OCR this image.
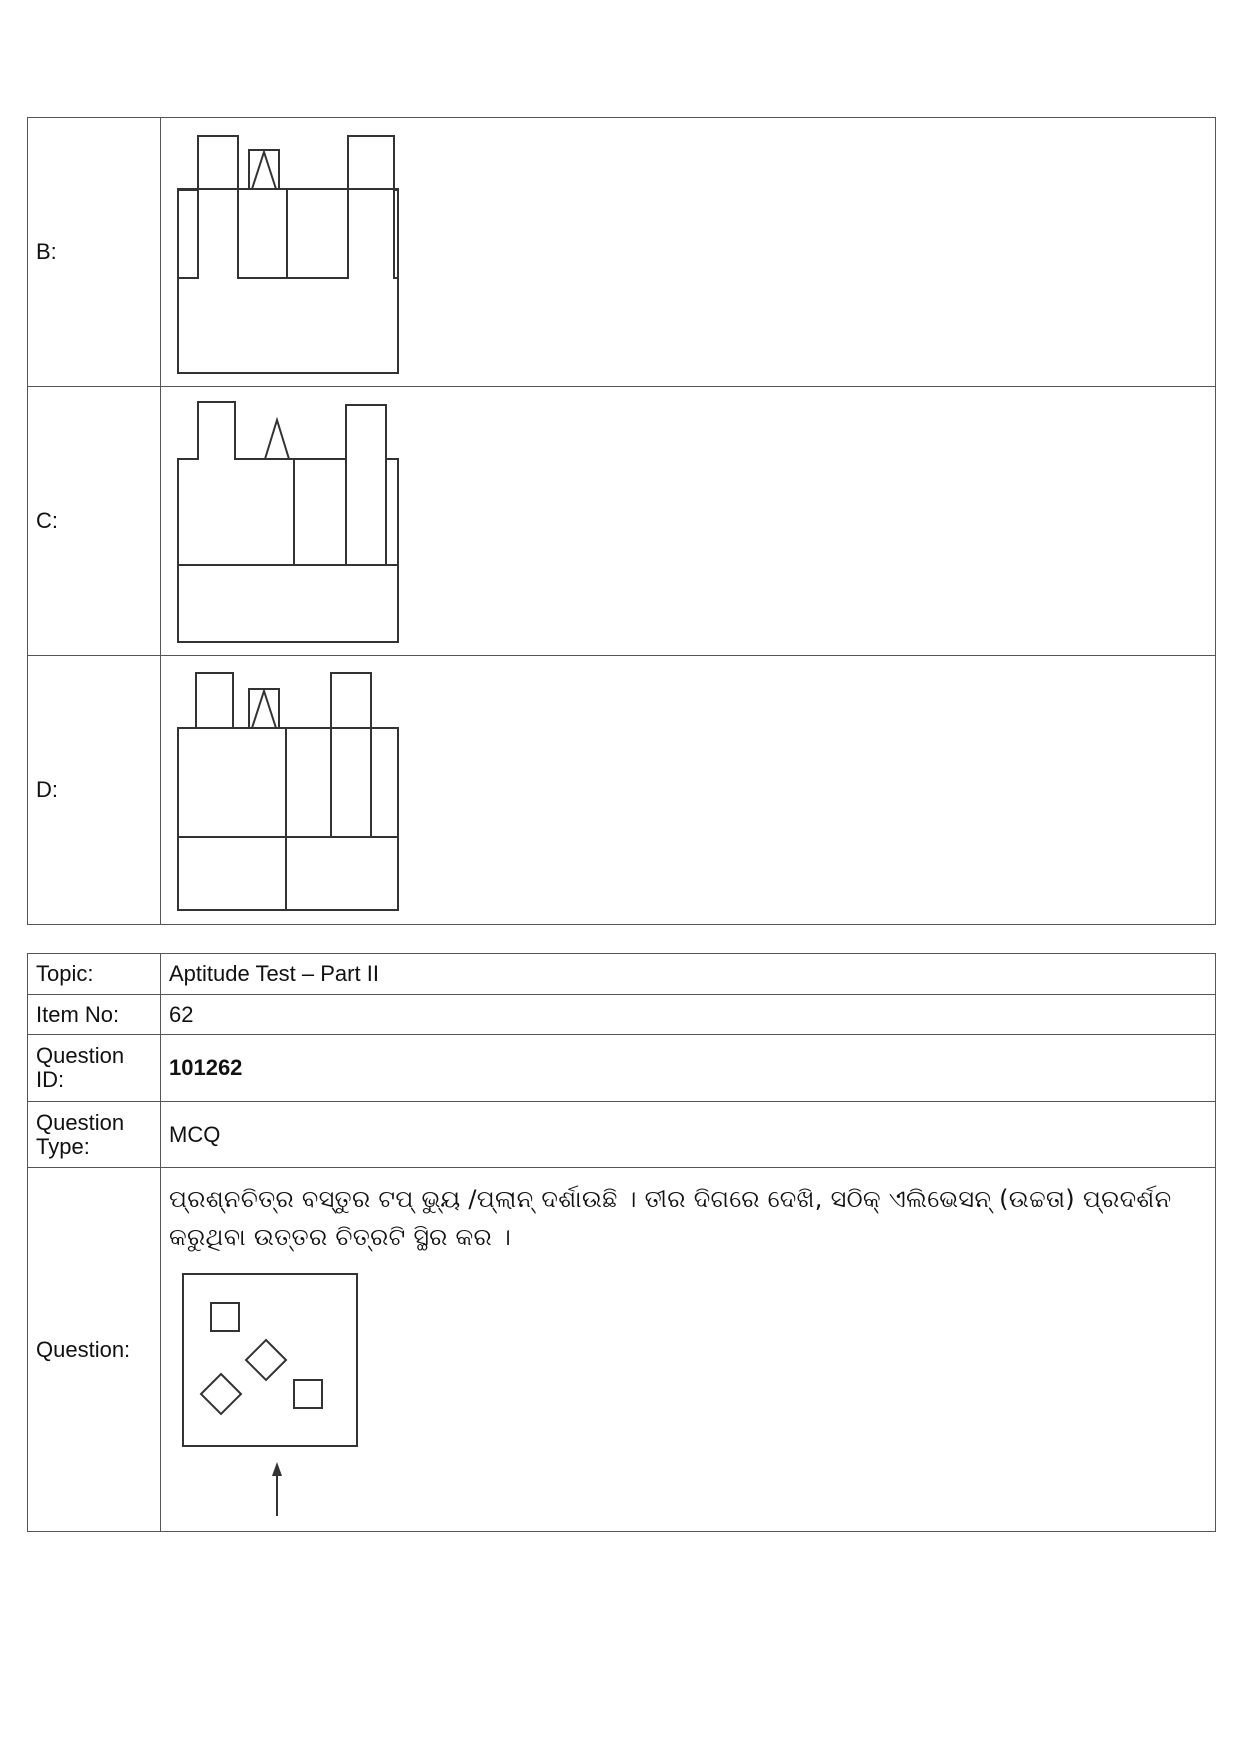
B:	

C:	

D:	
Topic:	Aptitude Test – Part II
Item No:	62
Question ID:	101262
Question Type:	MCQ
Question:	ପ୍ରଶ୍ନଚିତ୍ର ବସ୍ତୁର ଟପ୍ ଭ୍ୟୁ /ପ୍ଲାନ୍ ଦର୍ଶାଉଛି । ତୀର ଦିଗରେ ଦେଖି, ସଠିକ୍ ଏଲିଭେସନ୍ (ଉଚ୍ଚତା) ପ୍ରଦର୍ଶନ କରୁଥିବା ଉତ୍ତର ଚିତ୍ରଟି ସ୍ଥିର କର ।
